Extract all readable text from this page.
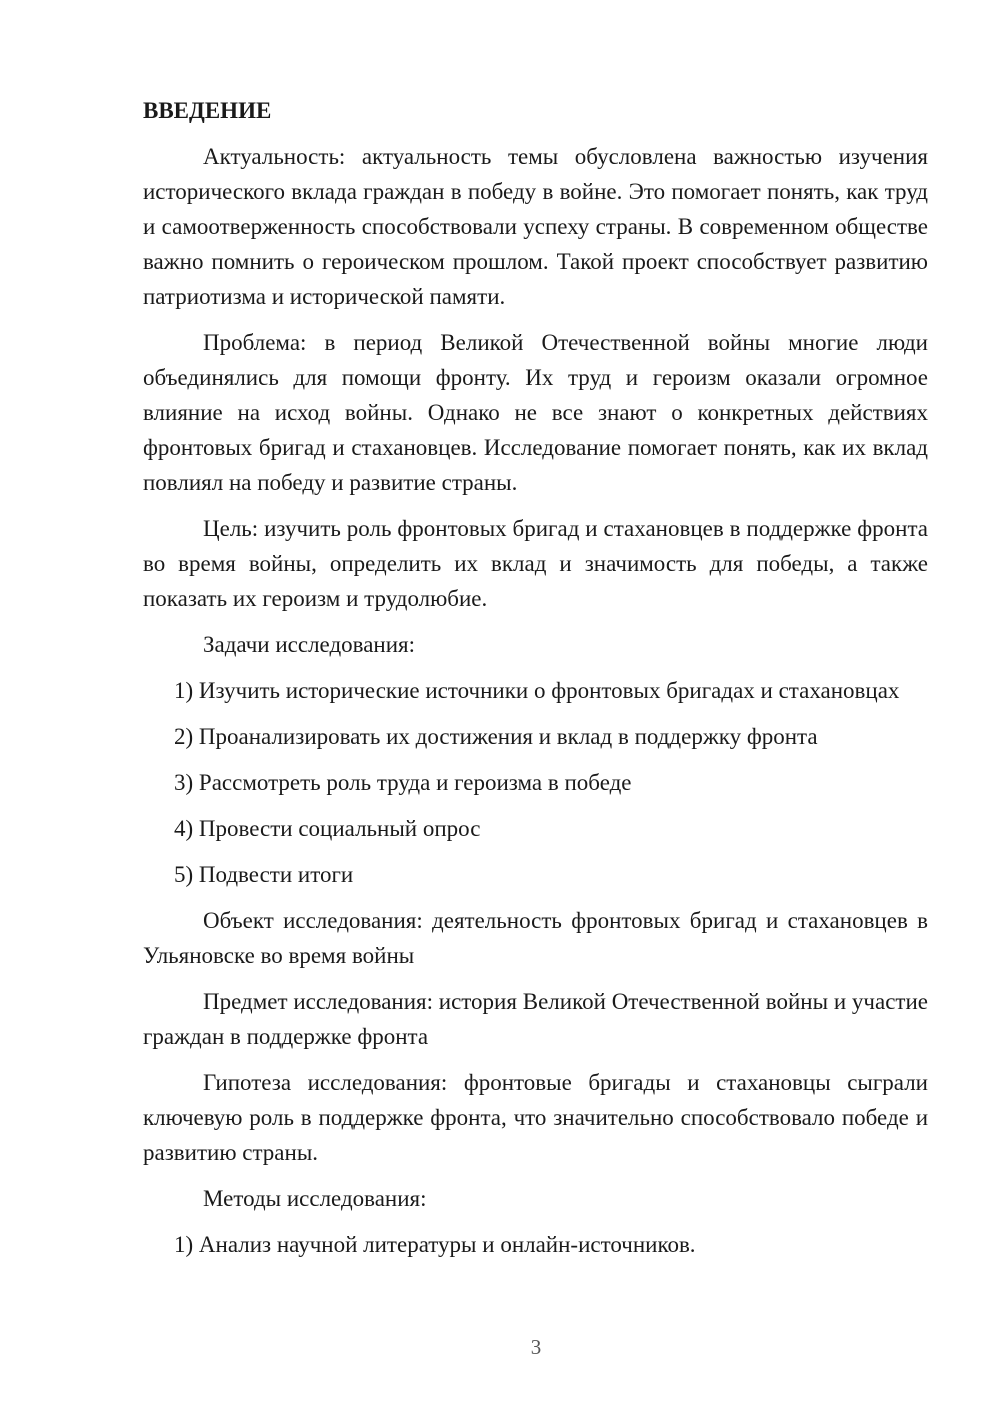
ВВЕДЕНИЕ

Актуальность: актуальность темы обусловлена важностью изучения исторического вклада граждан в победу в войне. Это помогает понять, как труд и самоотверженность способствовали успеху страны. В современном обществе важно помнить о героическом прошлом. Такой проект способствует развитию патриотизма и исторической памяти.

Проблема: в период Великой Отечественной войны многие люди объединялись для помощи фронту. Их труд и героизм оказали огромное влияние на исход войны. Однако не все знают о конкретных действиях фронтовых бригад и стахановцев. Исследование помогает понять, как их вклад повлиял на победу и развитие страны.

Цель: изучить роль фронтовых бригад и стахановцев в поддержке фронта во время войны, определить их вклад и значимость для победы, а также показать их героизм и трудолюбие.

Задачи исследования:

1) Изучить исторические источники о фронтовых бригадах и стахановцах

2) Проанализировать их достижения и вклад в поддержку фронта

3) Рассмотреть роль труда и героизма в победе

4) Провести социальный опрос

5) Подвести итоги

Объект исследования: деятельность фронтовых бригад и стахановцев в Ульяновске во время войны

Предмет исследования: история Великой Отечественной войны и участие граждан в поддержке фронта

Гипотеза исследования: фронтовые бригады и стахановцы сыграли ключевую роль в поддержке фронта, что значительно способствовало победе и развитию страны.

Методы исследования:

1) Анализ научной литературы и онлайн-источников.

3
